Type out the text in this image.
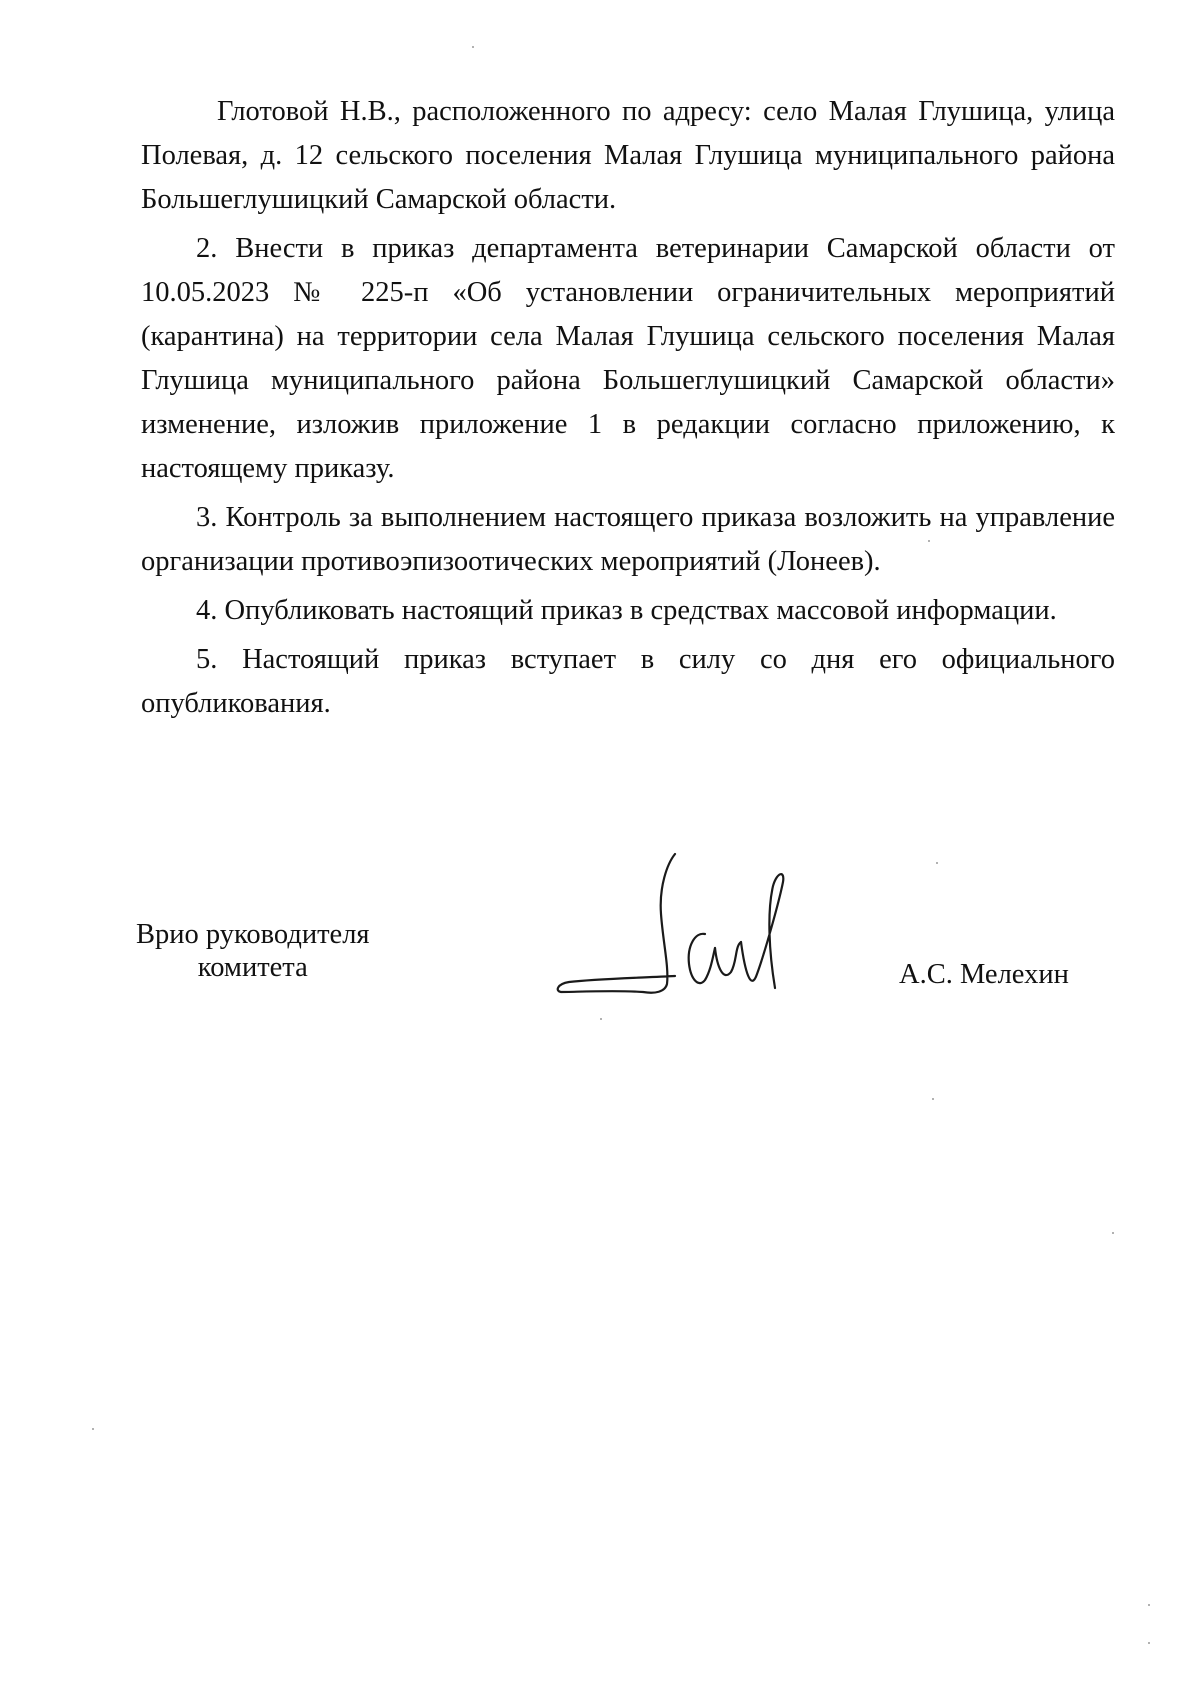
Глотовой Н.В., расположенного по адресу: село Малая Глушица, улица Полевая, д. 12 сельского поселения Малая Глушица муниципального района Большеглушицкий Самарской области.

2. Внести в приказ департамента ветеринарии Самарской области от 10.05.2023 № 225-п «Об установлении ограничительных мероприятий (карантина) на территории села Малая Глушица сельского поселения Малая Глушица муниципального района Большеглушицкий Самарской области» изменение, изложив приложение 1 в редакции согласно приложению, к настоящему приказу.

3. Контроль за выполнением настоящего приказа возложить на управление организации противоэпизоотических мероприятий (Лонеев).

4. Опубликовать настоящий приказ в средствах массовой информации.

5. Настоящий приказ вступает в силу со дня его официального опубликования.

Врио руководителя
комитета	А.С. Мелехин
